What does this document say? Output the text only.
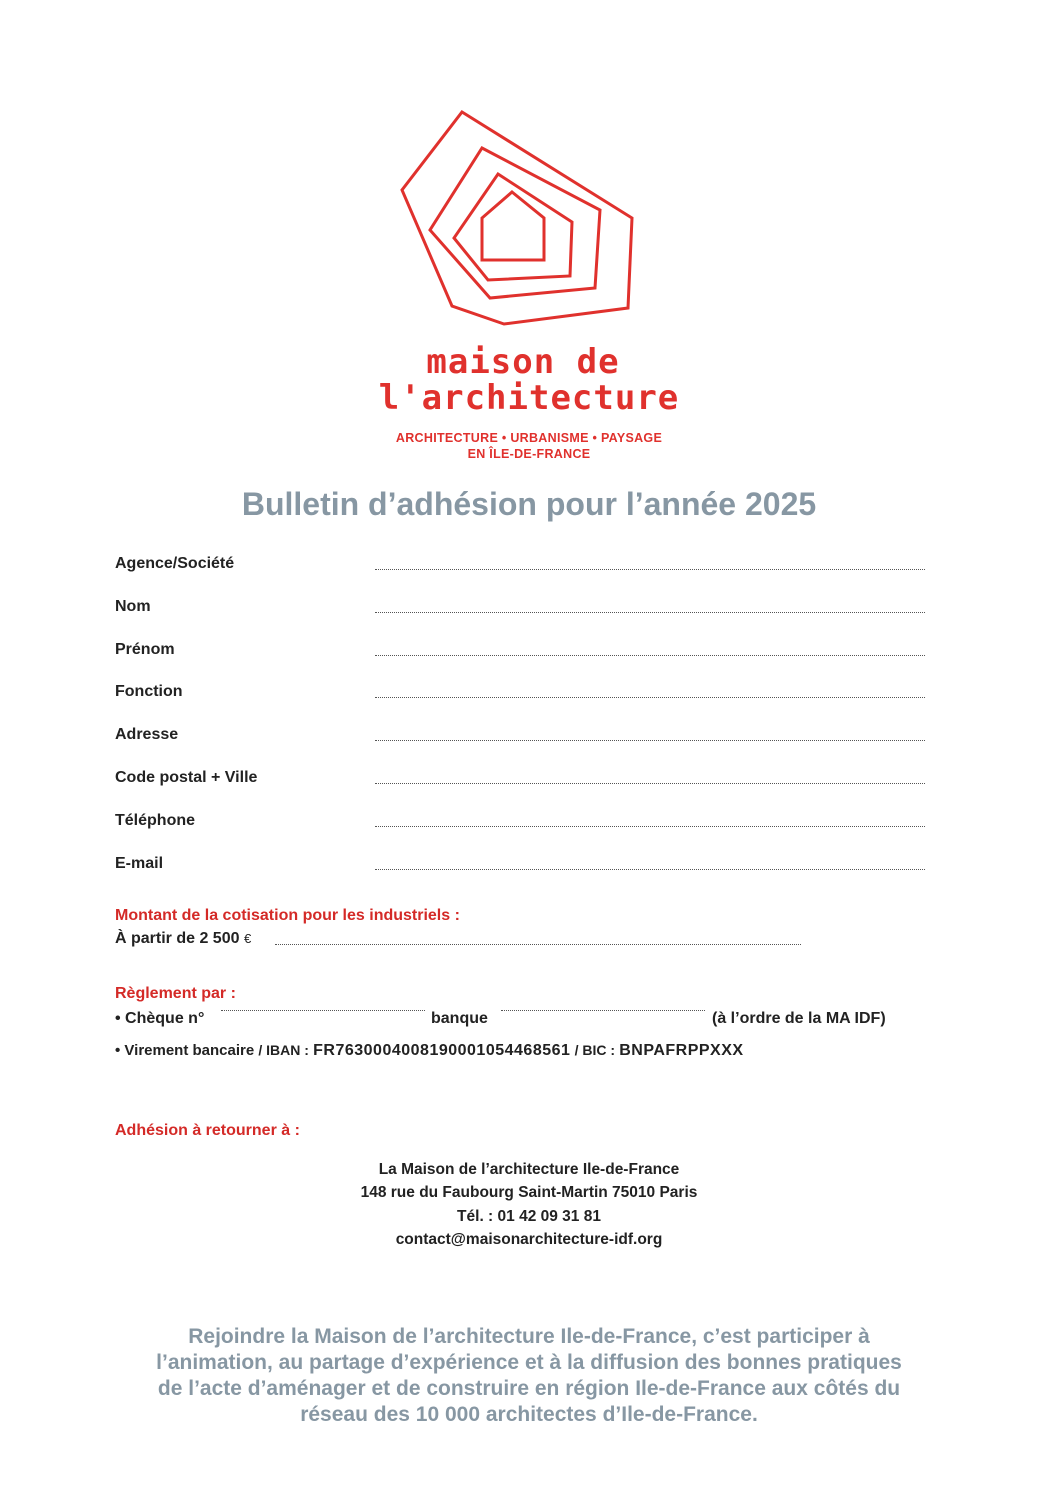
maison de
l'architecture
ARCHITECTURE • URBANISME • PAYSAGE
EN ÎLE-DE-FRANCE
Bulletin d’adhésion pour l’année 2025
Agence/Société
Nom
Prénom
Fonction
Adresse
Code postal + Ville
Téléphone
E-mail
Montant de la cotisation pour les industriels :
À partir de 2 500 €
Règlement par :
• Chèque n°	banque	(à l’ordre de la MA IDF)
• Virement bancaire / IBAN : FR7630004008190001054468561 / BIC : BNPAFRPPXXX
Adhésion à retourner à :
La Maison de l’architecture Ile-de-France
148 rue du Faubourg Saint-Martin 75010 Paris
Tél. : 01 42 09 31 81
contact@maisonarchitecture-idf.org
Rejoindre la Maison de l’architecture Ile-de-France, c’est participer à
l’animation, au partage d’expérience et à la diffusion des bonnes pratiques
de l’acte d’aménager et de construire en région Ile-de-France aux côtés du
réseau des 10 000 architectes d’Ile-de-France.
